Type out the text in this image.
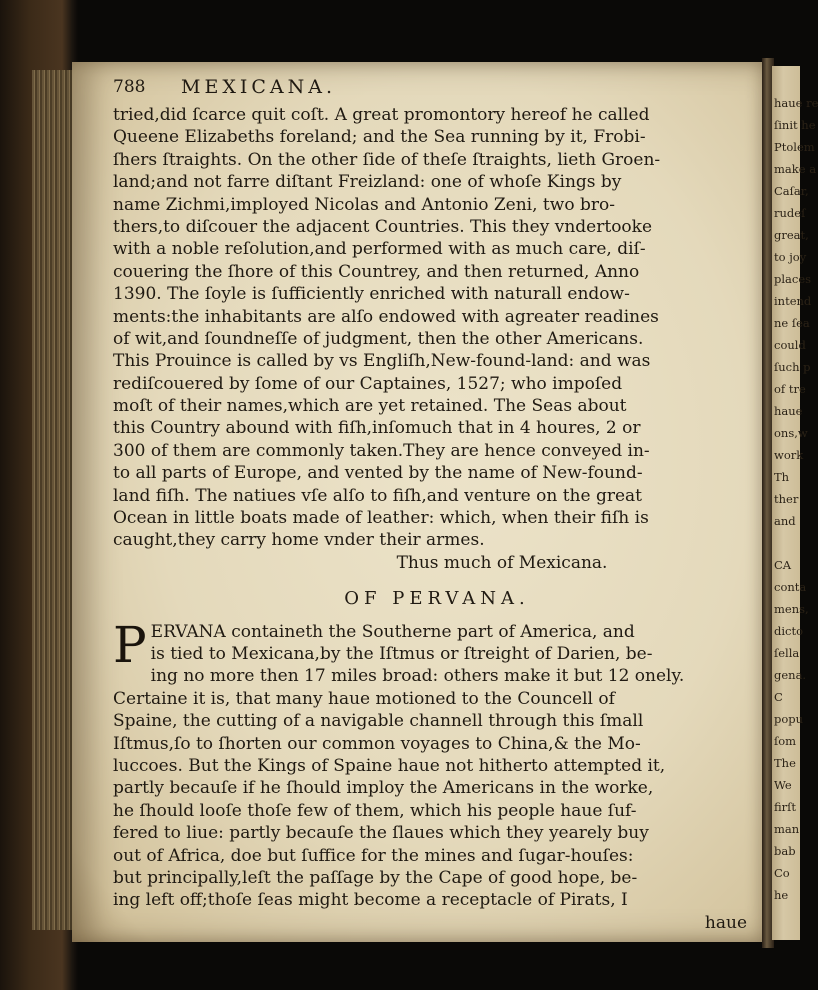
haue re
ſinit he
Ptolem
make a
Caſar,
rudeſ
great,
to joy
places
intend
ne ſea
could
ſuch p
of tre
haue
ons,w
work
Th
ther
and
CA
conta
mens,
dicto
ſella
gena.
C
popu
ſom
The
We
firſt
man
bab
Co
he
788 MEXICANA.
tried,did ſcarce quit coſt. A great promontory hereof he called
Queene Elizabeths foreland; and the Sea running by it, Frobi-
ſhers ſtraights. On the other ſide of theſe ſtraights, lieth Groen-
land;and not farre diſtant Freizland: one of whoſe Kings by
name Zichmi,imployed Nicolas and Antonio Zeni, two bro-
thers,to diſcouer the adjacent Countries. This they vndertooke
with a noble reſolution,and performed with as much care, diſ-
couering the ſhore of this Countrey, and then returned, Anno
1390. The ſoyle is ſufficiently enriched with naturall endow-
ments:the inhabitants are alſo endowed with agreater readines
of wit,and ſoundneſſe of judgment, then the other Americans.
This Prouince is called by vs Engliſh,New-found-land: and was
rediſcouered by ſome of our Captaines, 1527; who impoſed
moſt of their names,which are yet retained. The Seas about
this Country abound with fiſh,inſomuch that in 4 houres, 2 or
300 of them are commonly taken.They are hence conveyed in-
to all parts of Europe, and vented by the name of New-found-
land fiſh. The natiues vſe alſo to fiſh,and venture on the great
Ocean in little boats made of leather: which, when their fiſh is
caught,they carry home vnder their armes.
Thus much of Mexicana.
OF PERVANA.
P ERVANA containeth the Southerne part of America, and
is tied to Mexicana,by the Iſtmus or ſtreight of Darien, be-
ing no more then 17 miles broad: others make it but 12 onely.
Certaine it is, that many haue motioned to the Councell of
Spaine, the cutting of a navigable channell through this ſmall
Iſtmus,ſo to ſhorten our common voyages to China,& the Mo-
luccoes. But the Kings of Spaine haue not hitherto attempted it,
partly becauſe if he ſhould imploy the Americans in the worke,
he ſhould looſe thoſe few of them, which his people haue ſuf-
fered to liue: partly becauſe the ſlaues which they yearely buy
out of Africa, doe but ſuffice for the mines and ſugar-houſes:
but principally,leſt the paſſage by the Cape of good hope, be-
ing left off;thoſe ſeas might become a receptacle of Pirats, I
haue
